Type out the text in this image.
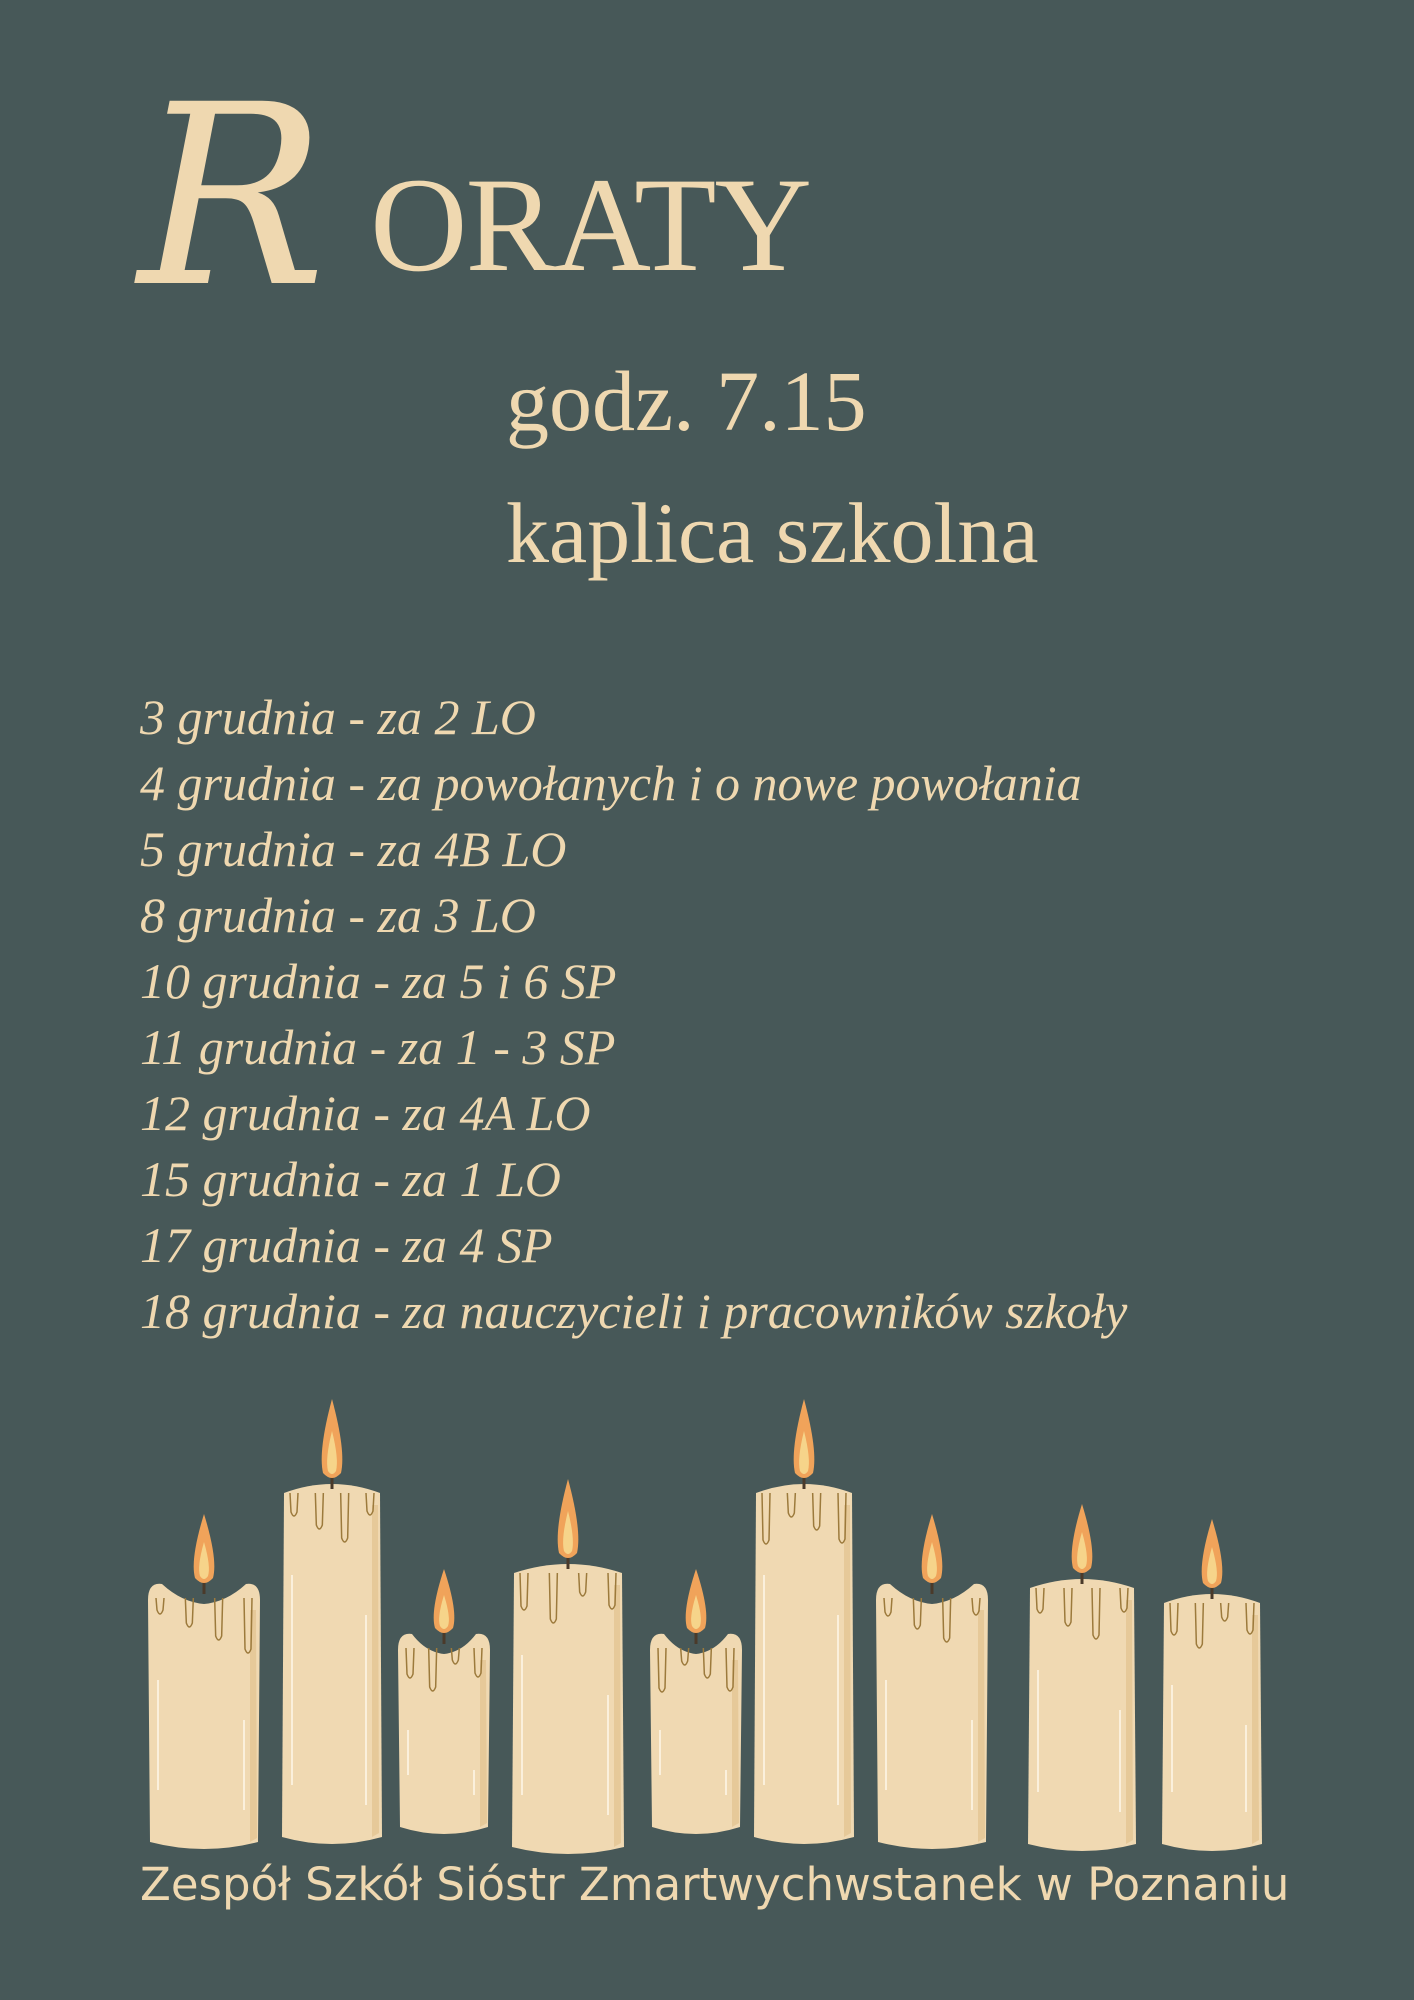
R ORATY
godz. 7.15
kaplica szkolna
3 grudnia - za 2 LO
4 grudnia - za powołanych i o nowe powołania
5 grudnia - za 4B LO
8 grudnia - za 3 LO
10 grudnia - za 5 i 6 SP
11 grudnia - za 1 - 3 SP
12 grudnia - za 4A LO
15 grudnia - za 1 LO
17 grudnia - za 4 SP
18 grudnia - za nauczycieli i pracowników szkoły
Zespół Szkół Sióstr Zmartwychwstanek w Poznaniu
